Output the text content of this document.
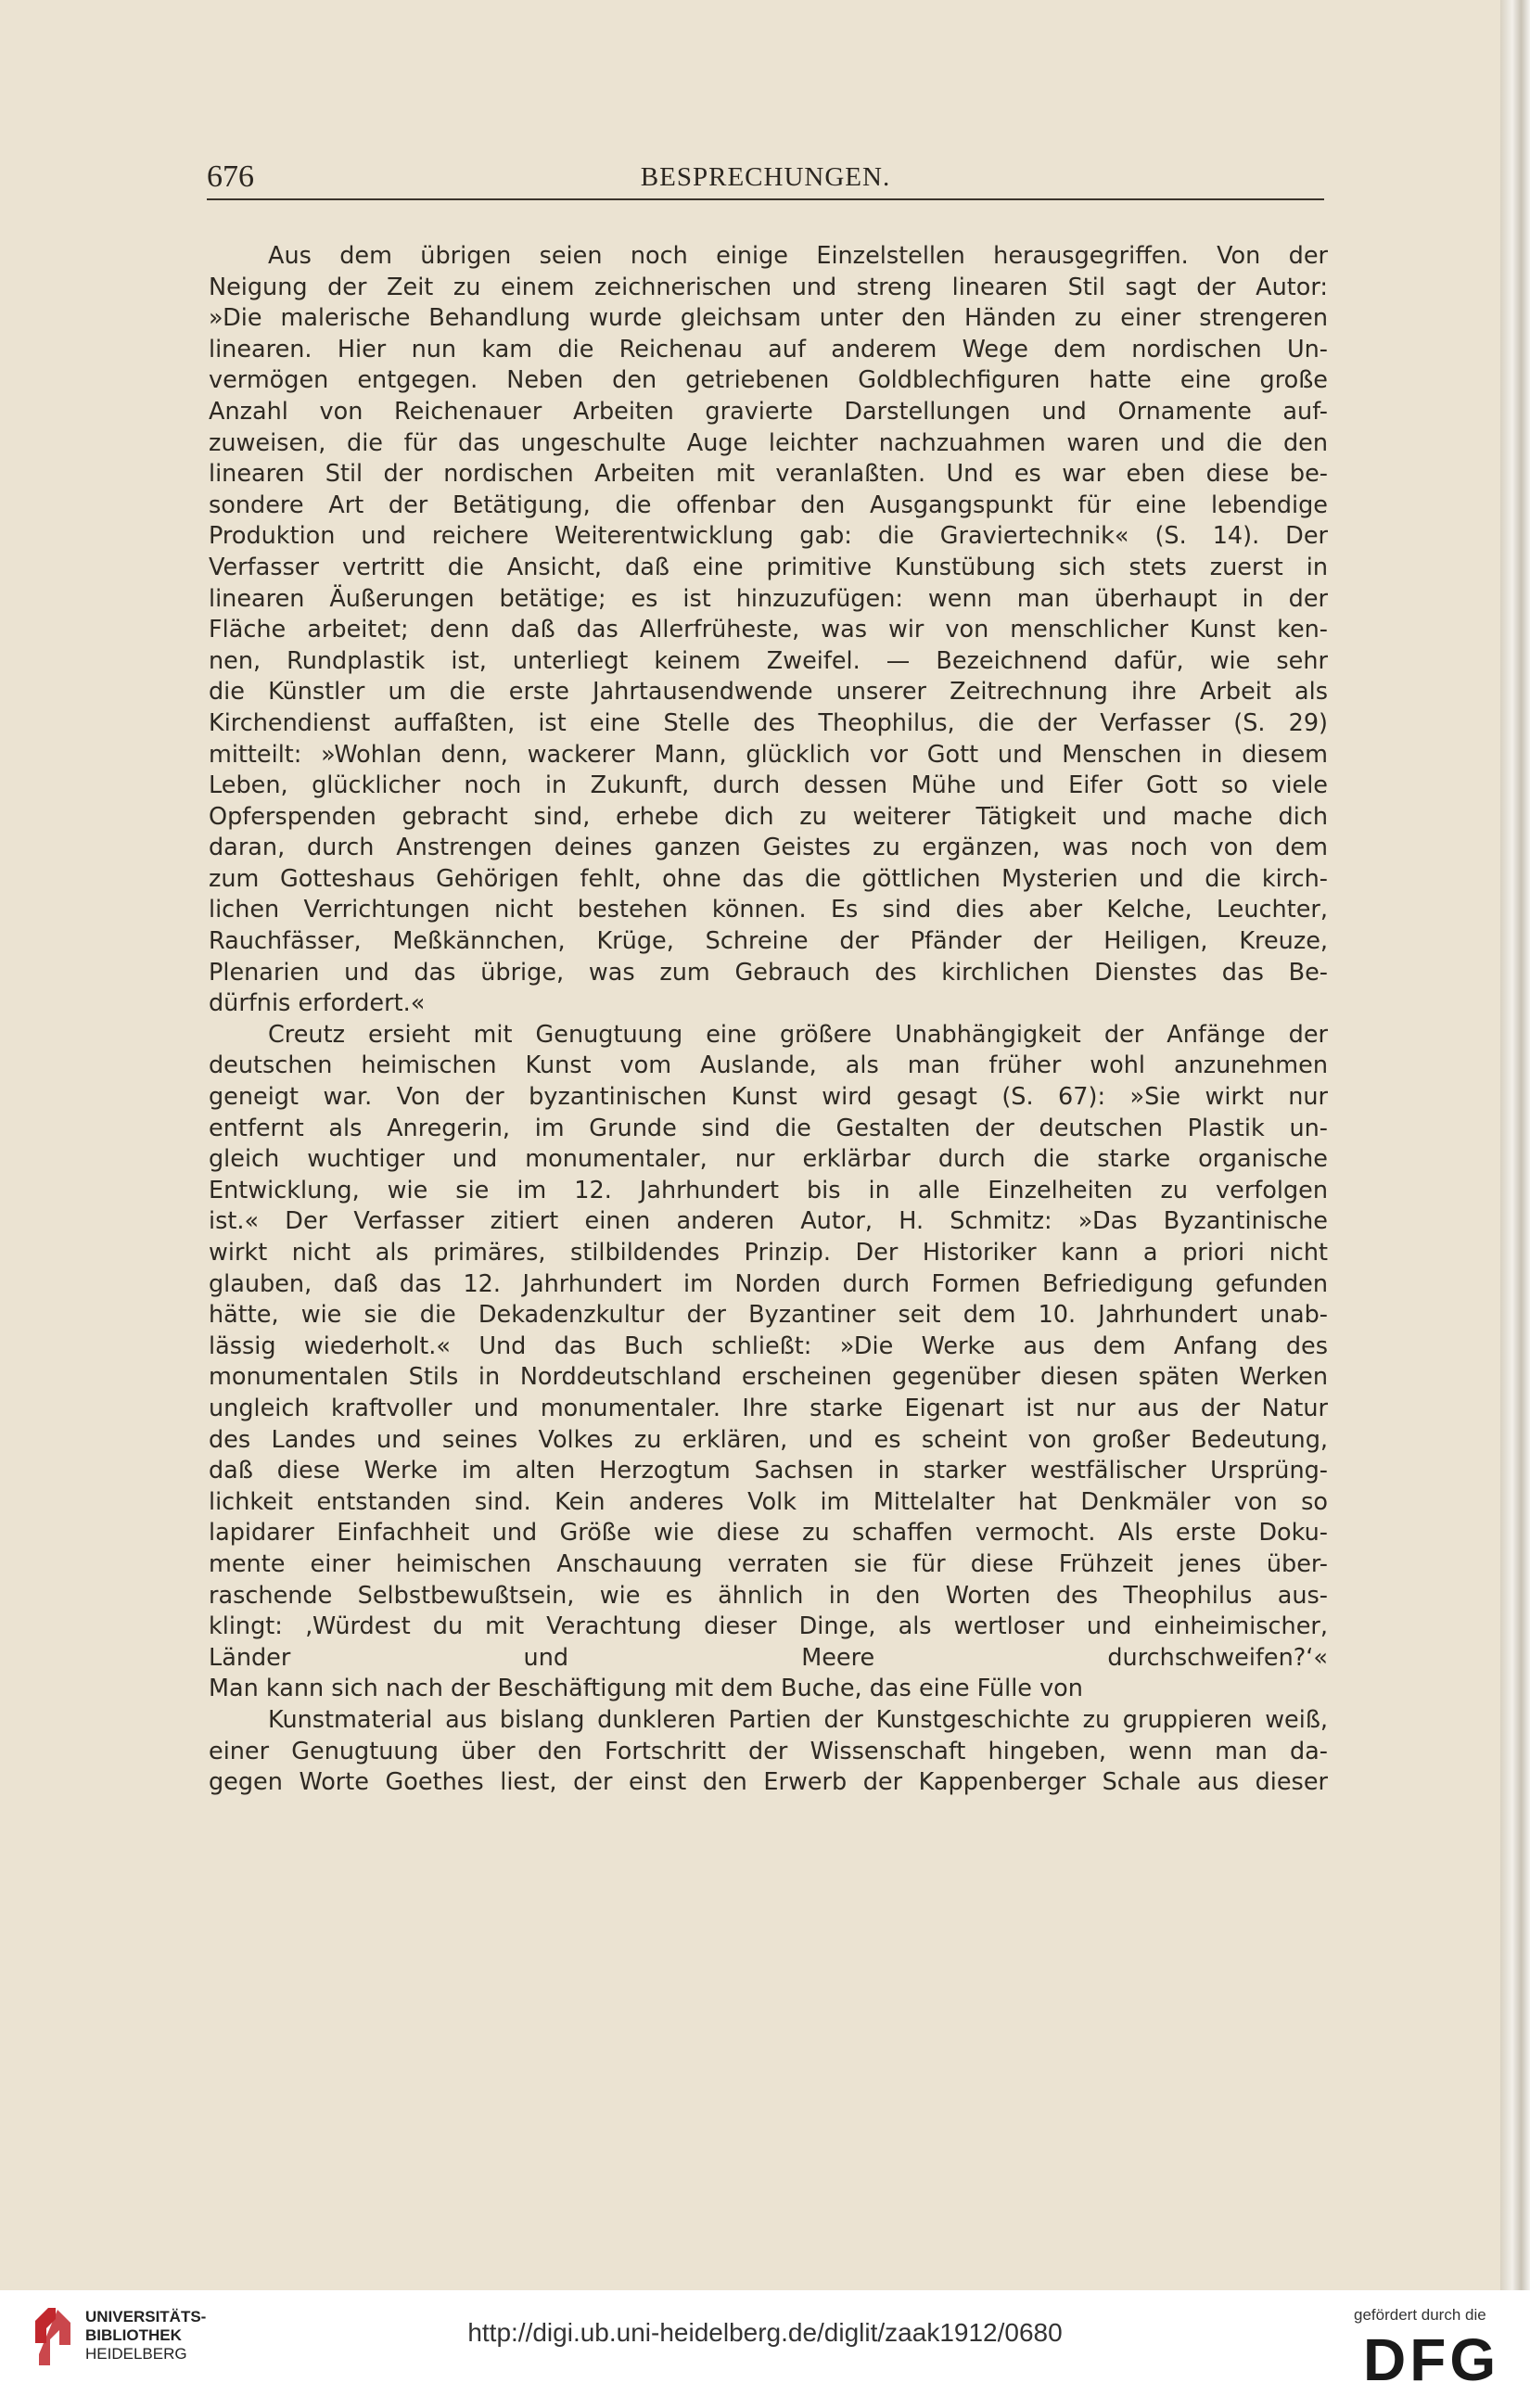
676	BESPRECHUNGEN.
Aus dem übrigen seien noch einige Einzelstellen herausgegriffen. Von der
Neigung der Zeit zu einem zeichnerischen und streng linearen Stil sagt der Autor:
»Die malerische Behandlung wurde gleichsam unter den Händen zu einer strengeren
linearen. Hier nun kam die Reichenau auf anderem Wege dem nordischen Un-
vermögen entgegen. Neben den getriebenen Goldblechfiguren hatte eine große
Anzahl von Reichenauer Arbeiten gravierte Darstellungen und Ornamente auf-
zuweisen, die für das ungeschulte Auge leichter nachzuahmen waren und die den
linearen Stil der nordischen Arbeiten mit veranlaßten. Und es war eben diese be-
sondere Art der Betätigung, die offenbar den Ausgangspunkt für eine lebendige
Produktion und reichere Weiterentwicklung gab: die Graviertechnik« (S. 14). Der
Verfasser vertritt die Ansicht, daß eine primitive Kunstübung sich stets zuerst in
linearen Äußerungen betätige; es ist hinzuzufügen: wenn man überhaupt in der
Fläche arbeitet; denn daß das Allerfrüheste, was wir von menschlicher Kunst ken-
nen, Rundplastik ist, unterliegt keinem Zweifel. — Bezeichnend dafür, wie sehr
die Künstler um die erste Jahrtausendwende unserer Zeitrechnung ihre Arbeit als
Kirchendienst auffaßten, ist eine Stelle des Theophilus, die der Verfasser (S. 29)
mitteilt: »Wohlan denn, wackerer Mann, glücklich vor Gott und Menschen in diesem
Leben, glücklicher noch in Zukunft, durch dessen Mühe und Eifer Gott so viele
Opferspenden gebracht sind, erhebe dich zu weiterer Tätigkeit und mache dich
daran, durch Anstrengen deines ganzen Geistes zu ergänzen, was noch von dem
zum Gotteshaus Gehörigen fehlt, ohne das die göttlichen Mysterien und die kirch-
lichen Verrichtungen nicht bestehen können. Es sind dies aber Kelche, Leuchter,
Rauchfässer, Meßkännchen, Krüge, Schreine der Pfänder der Heiligen, Kreuze,
Plenarien und das übrige, was zum Gebrauch des kirchlichen Dienstes das Be-
dürfnis erfordert.«
Creutz ersieht mit Genugtuung eine größere Unabhängigkeit der Anfänge der
deutschen heimischen Kunst vom Auslande, als man früher wohl anzunehmen
geneigt war. Von der byzantinischen Kunst wird gesagt (S. 67): »Sie wirkt nur
entfernt als Anregerin, im Grunde sind die Gestalten der deutschen Plastik un-
gleich wuchtiger und monumentaler, nur erklärbar durch die starke organische
Entwicklung, wie sie im 12. Jahrhundert bis in alle Einzelheiten zu verfolgen
ist.« Der Verfasser zitiert einen anderen Autor, H. Schmitz: »Das Byzantinische
wirkt nicht als primäres, stilbildendes Prinzip. Der Historiker kann a priori nicht
glauben, daß das 12. Jahrhundert im Norden durch Formen Befriedigung gefunden
hätte, wie sie die Dekadenzkultur der Byzantiner seit dem 10. Jahrhundert unab-
lässig wiederholt.« Und das Buch schließt: »Die Werke aus dem Anfang des
monumentalen Stils in Norddeutschland erscheinen gegenüber diesen späten Werken
ungleich kraftvoller und monumentaler. Ihre starke Eigenart ist nur aus der Natur
des Landes und seines Volkes zu erklären, und es scheint von großer Bedeutung,
daß diese Werke im alten Herzogtum Sachsen in starker westfälischer Ursprüng-
lichkeit entstanden sind. Kein anderes Volk im Mittelalter hat Denkmäler von so
lapidarer Einfachheit und Größe wie diese zu schaffen vermocht. Als erste Doku-
mente einer heimischen Anschauung verraten sie für diese Frühzeit jenes über-
raschende Selbstbewußtsein, wie es ähnlich in den Worten des Theophilus aus-
klingt: ‚Würdest du mit Verachtung dieser Dinge, als wertloser und einheimischer,
Länder und Meere durchschweifen?‘«
Man kann sich nach der Beschäftigung mit dem Buche, das eine Fülle von
Kunstmaterial aus bislang dunkleren Partien der Kunstgeschichte zu gruppieren weiß,
einer Genugtuung über den Fortschritt der Wissenschaft hingeben, wenn man da-
gegen Worte Goethes liest, der einst den Erwerb der Kappenberger Schale aus dieser
UNIVERSITÄTS-
BIBLIOTHEK
HEIDELBERG
http://digi.ub.uni-heidelberg.de/diglit/zaak1912/0680
gefördert durch die
DFG
